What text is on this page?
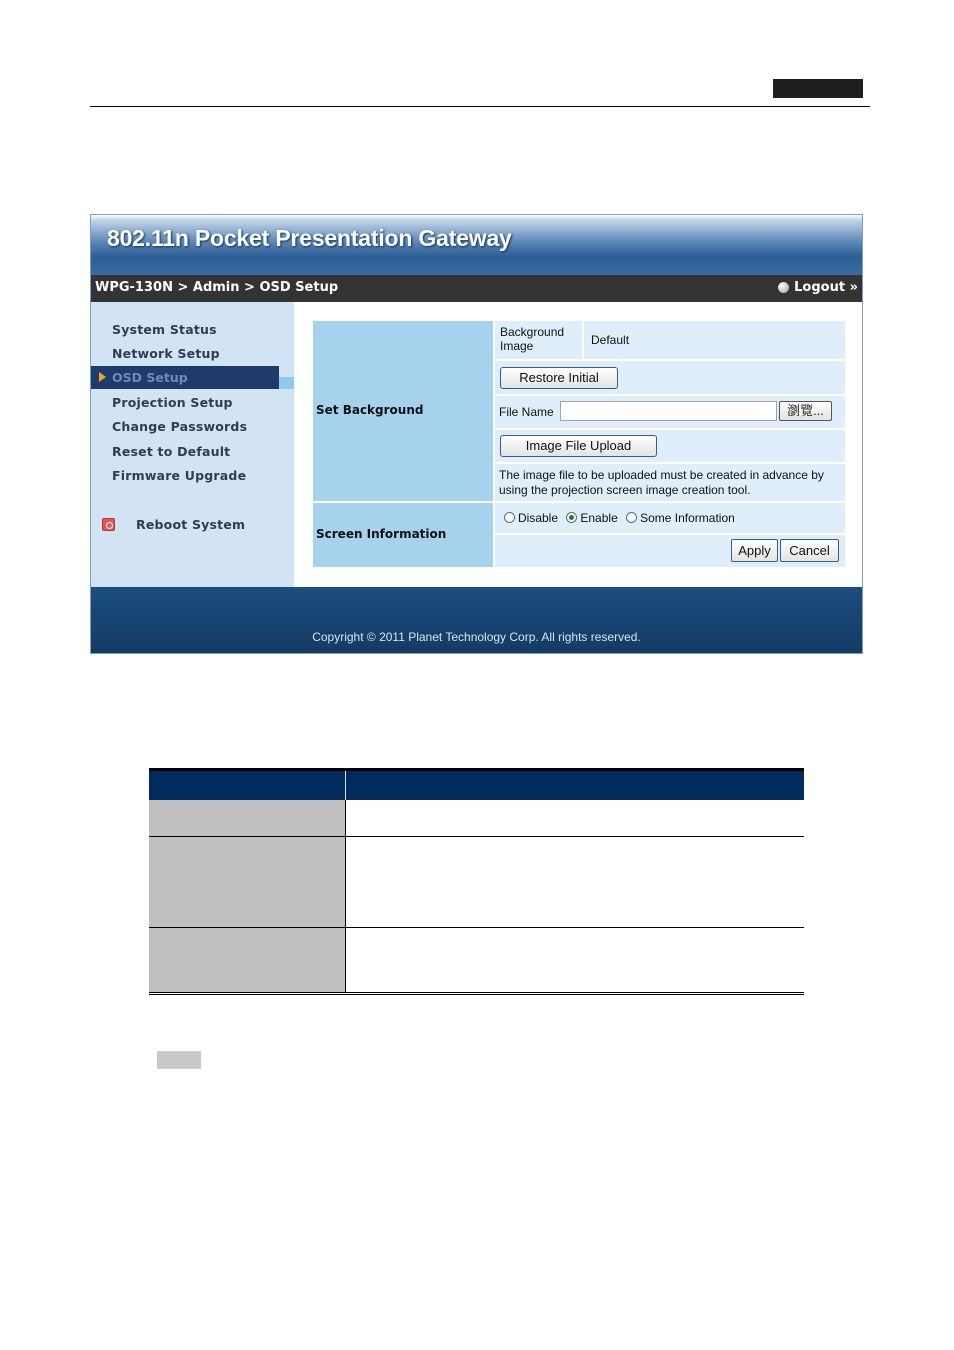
802.11n Pocket Presentation Gateway
WPG-130N > Admin > OSD Setup	Logout »
System Status
Network Setup
OSD Setup
Projection Setup
Change Passwords
Reset to Default
Firmware Upgrade
Reboot System
Set Background
Background Image	Default
Restore Initial
File Name	瀏覽...
Image File Upload
The image file to be uploaded must be created in advance by using the projection screen image creation tool.
Screen Information
Disable Enable Some Information
Apply	Cancel
Copyright © 2011 Planet Technology Corp. All rights reserved.
